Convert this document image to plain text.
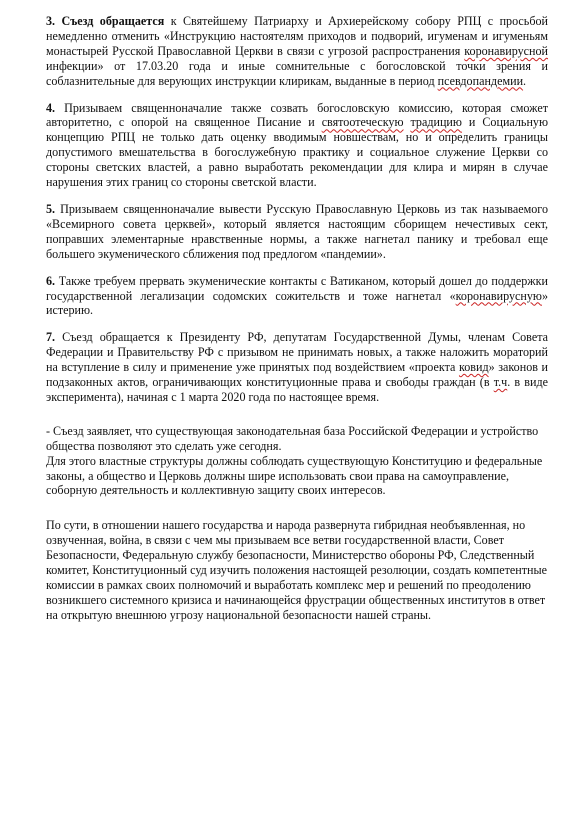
3. Съезд обращается к Святейшему Патриарху и Архиерейскому собору РПЦ с просьбой немедленно отменить «Инструкцию настоятелям приходов и подворий, игуменам и игуменьям монастырей Русской Православной Церкви в связи с угрозой распространения коронавирусной инфекции» от 17.03.20 года и иные сомнительные с богословской точки зрения и соблазнительные для верующих инструкции клирикам, выданные в период псевдопандемии.

4. Призываем священноначалие также созвать богословскую комиссию, которая сможет авторитетно, с опорой на священное Писание и святоотеческую традицию и Социальную концепцию РПЦ не только дать оценку вводимым новшествам, но и определить границы допустимого вмешательства в богослужебную практику и социальное служение Церкви со стороны светских властей, а равно выработать рекомендации для клира и мирян в случае нарушения этих границ со стороны светской власти.

5. Призываем священноначалие вывести Русскую Православную Церковь из так называемого «Всемирного совета церквей», который является настоящим сборищем нечестивых сект, поправших элементарные нравственные нормы, а также нагнетал панику и требовал еще большего экуменического сближения под предлогом «пандемии».

6. Также требуем прервать экуменические контакты с Ватиканом, который дошел до поддержки государственной легализации содомских сожительств и тоже нагнетал «коронавирусную» истерию.

7. Съезд обращается к Президенту РФ, депутатам Государственной Думы, членам Совета Федерации и Правительству РФ с призывом не принимать новых, а также наложить мораторий на вступление в силу и применение уже принятых под воздействием «проекта ковид» законов и подзаконных актов, ограничивающих конституционные права и свободы граждан (в т.ч. в виде эксперимента), начиная с 1 марта 2020 года по настоящее время.

- Съезд заявляет, что существующая законодательная база Российской Федерации и устройство общества позволяют это сделать уже сегодня.

Для этого властные структуры должны соблюдать существующую Конституцию и федеральные законы, а общество и Церковь должны шире использовать свои права на самоуправление, соборную деятельность и коллективную защиту своих интересов.

По сути, в отношении нашего государства и народа развернута гибридная необъявленная, но озвученная, война, в связи с чем мы призываем все ветви государственной власти, Совет Безопасности, Федеральную службу безопасности, Министерство обороны РФ, Следственный комитет, Конституционный суд изучить положения настоящей резолюции, создать компетентные комиссии в рамках своих полномочий и выработать комплекс мер и решений по преодолению возникшего системного кризиса и начинающейся фрустрации общественных институтов в ответ на открытую внешнюю угрозу национальной безопасности нашей страны.
